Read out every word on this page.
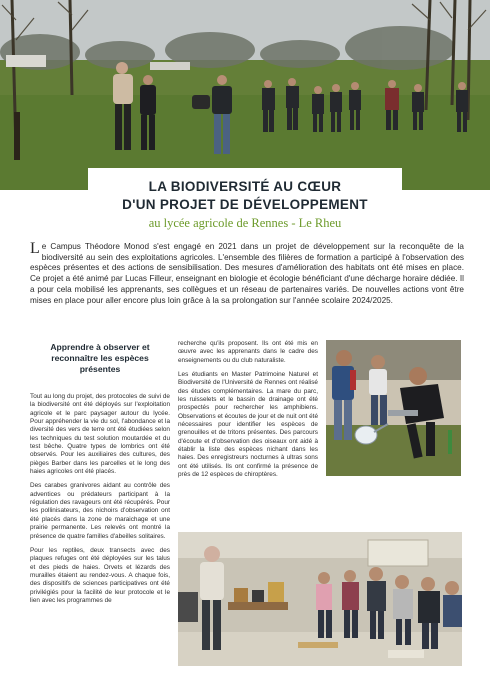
LA BIODIVERSITÉ AU CŒUR
D'UN PROJET DE DÉVELOPPEMENT
au lycée agricole de Rennes - Le Rheu
Le Campus Théodore Monod s'est engagé en 2021 dans un projet de développement sur la reconquête de la biodiversité au sein des exploitations agricoles. L'ensemble des filières de formation a participé à l'observation des espèces présentes et des actions de sensibilisation. Des mesures d'amélioration des habitats ont été mises en place. Ce projet a été animé par Lucas Filleur, enseignant en biologie et écologie bénéficiant d'une décharge horaire dédiée. Il a pour cela mobilisé les apprenants, ses collègues et un réseau de partenaires variés. De nouvelles actions vont être mises en place pour aller encore plus loin grâce à la sa prolongation sur l'année scolaire 2024/2025.
Apprendre à observer et reconnaître les espèces présentes

Tout au long du projet, des protocoles de suivi de la biodiversité ont été déployés sur l'exploitation agricole et le parc paysager autour du lycée. Pour appréhender la vie du sol, l'abondance et la diversité des vers de terre ont été étudiées selon les techniques du test solution moutardée et du test bêche. Quatre types de lombrics ont été observés. Pour les auxiliaires des cultures, des pièges Barber dans les parcelles et le long des haies agricoles ont été placés.

Des carabes granivores aidant au contrôle des adventices ou prédateurs participant à la régulation des ravageurs ont été récupérés. Pour les pollinisateurs, des nichoirs d'observation ont été placés dans la zone de maraichage et une prairie permanente. Les relevés ont montré la présence de quatre familles d'abeilles solitaires.

Pour les reptiles, deux transects avec des plaques refuges ont été déployées sur les talus et des pieds de haies. Orvets et lézards des murailles étaient au rendez-vous. A chaque fois, des dispositifs de sciences participatives ont été privilégiés pour la facilité de leur protocole et le lien avec les programmes de

recherche qu'ils proposent. Ils ont été mis en œuvre avec les apprenants dans le cadre des enseignements ou du club naturaliste.

Les étudiants en Master Patrimoine Naturel et Biodiversité de l'Université de Rennes ont réalisé des études complémentaires. La mare du parc, les ruisselets et le bassin de drainage ont été prospectés pour rechercher les amphibiens. Observations et écoutes de jour et de nuit ont été nécessaires pour identifier les espèces de grenouilles et de tritons présentes. Des parcours d'écoute et d'observation des oiseaux ont aidé à établir la liste des espèces nichant dans les haies. Des enregistreurs nocturnes à ultras sons ont été utilisés. Ils ont confirmé la présence de près de 12 espèces de chiroptères.
